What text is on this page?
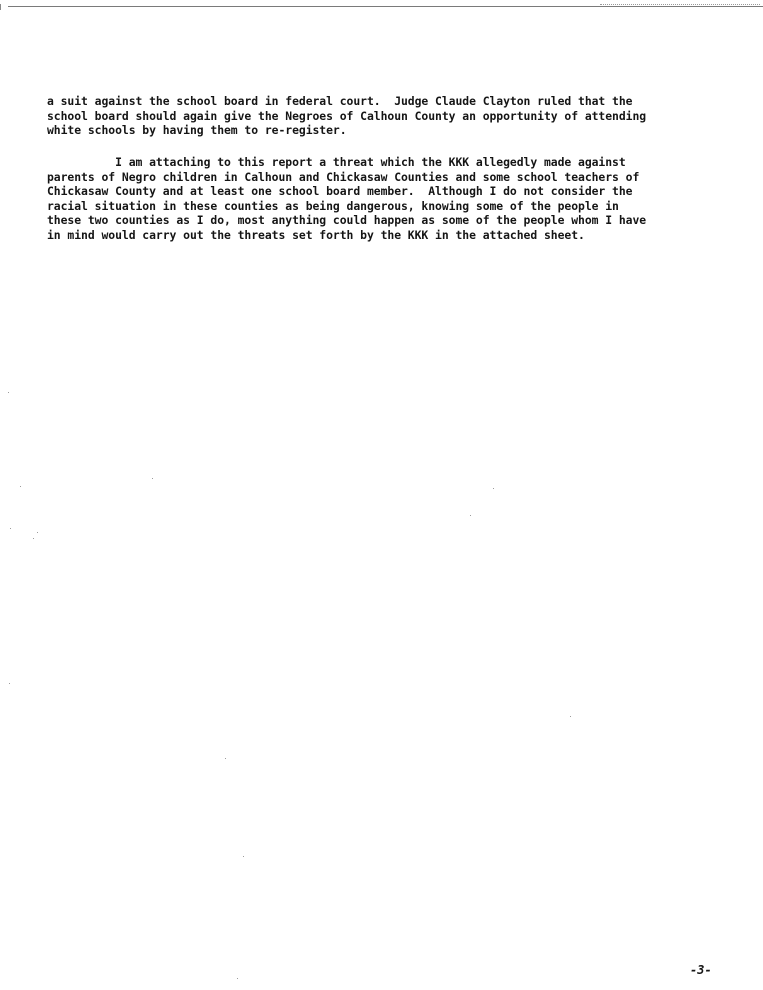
a suit against the school board in federal court.  Judge Claude Clayton ruled that the
school board should again give the Negroes of Calhoun County an opportunity of attending
white schools by having them to re-register.
I am attaching to this report a threat which the KKK allegedly made against
parents of Negro children in Calhoun and Chickasaw Counties and some school teachers of
Chickasaw County and at least one school board member.  Although I do not consider the
racial situation in these counties as being dangerous, knowing some of the people in
these two counties as I do, most anything could happen as some of the people whom I have
in mind would carry out the threats set forth by the KKK in the attached sheet.
-3-
